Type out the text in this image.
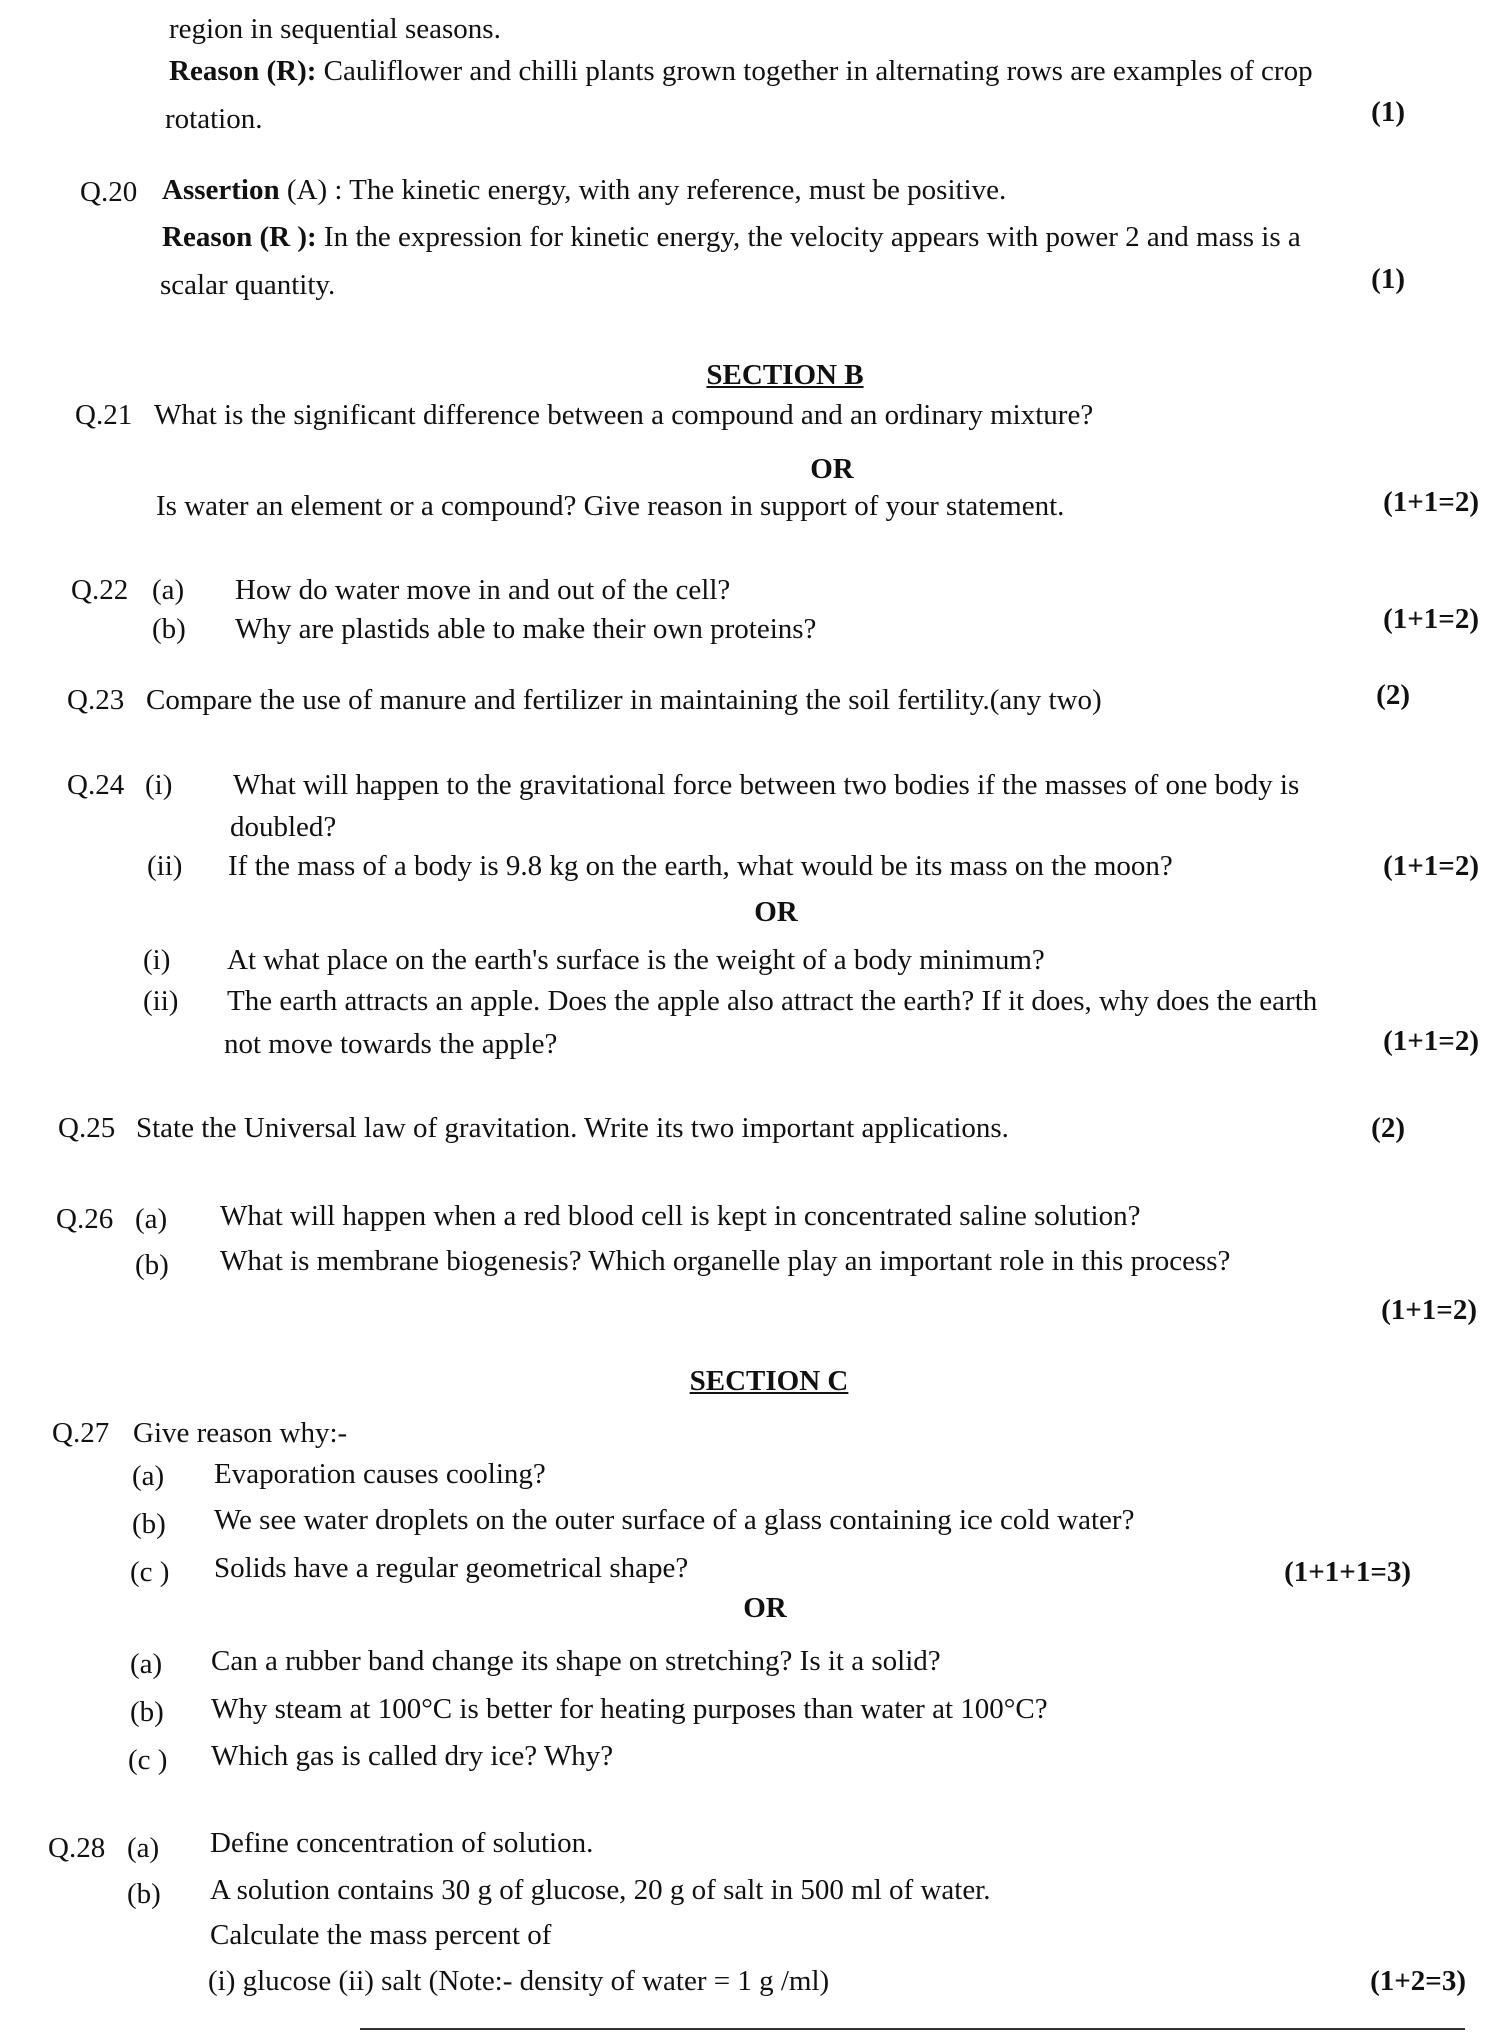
region in sequential seasons.
Reason (R): Cauliflower and chilli plants grown together in alternating rows are examples of crop
rotation.	(1)
Q.20 Assertion (A) : The kinetic energy, with any reference, must be positive.
Reason (R ): In the expression for kinetic energy, the velocity appears with power 2 and mass is a
scalar quantity.	(1)
SECTION B
Q.21 What is the significant difference between a compound and an ordinary mixture?
OR
Is water an element or a compound? Give reason in support of your statement.	(1+1=2)
Q.22 (a) How do water move in and out of the cell?
(b) Why are plastids able to make their own proteins?	(1+1=2)
Q.23 Compare the use of manure and fertilizer in maintaining the soil fertility.(any two)	(2)
Q.24 (i) What will happen to the gravitational force between two bodies if the masses of one body is
doubled?
(ii) If the mass of a body is 9.8 kg on the earth, what would be its mass on the moon?	(1+1=2)
OR
(i) At what place on the earth's surface is the weight of a body minimum?
(ii) The earth attracts an apple. Does the apple also attract the earth? If it does, why does the earth
not move towards the apple?	(1+1=2)
Q.25 State the Universal law of gravitation. Write its two important applications.	(2)
Q.26 (a) What will happen when a red blood cell is kept in concentrated saline solution?
(b) What is membrane biogenesis? Which organelle play an important role in this process?
(1+1=2)
SECTION C
Q.27 Give reason why:-
(a) Evaporation causes cooling?
(b) We see water droplets on the outer surface of a glass containing ice cold water?
(c ) Solids have a regular geometrical shape?	(1+1+1=3)
OR
(a) Can a rubber band change its shape on stretching? Is it a solid?
(b) Why steam at 100°C is better for heating purposes than water at 100°C?
(c ) Which gas is called dry ice? Why?
Q.28 (a) Define concentration of solution.
(b) A solution contains 30 g of glucose, 20 g of salt in 500 ml of water.
Calculate the mass percent of
(i) glucose (ii) salt (Note:- density of water = 1 g /ml)	(1+2=3)
